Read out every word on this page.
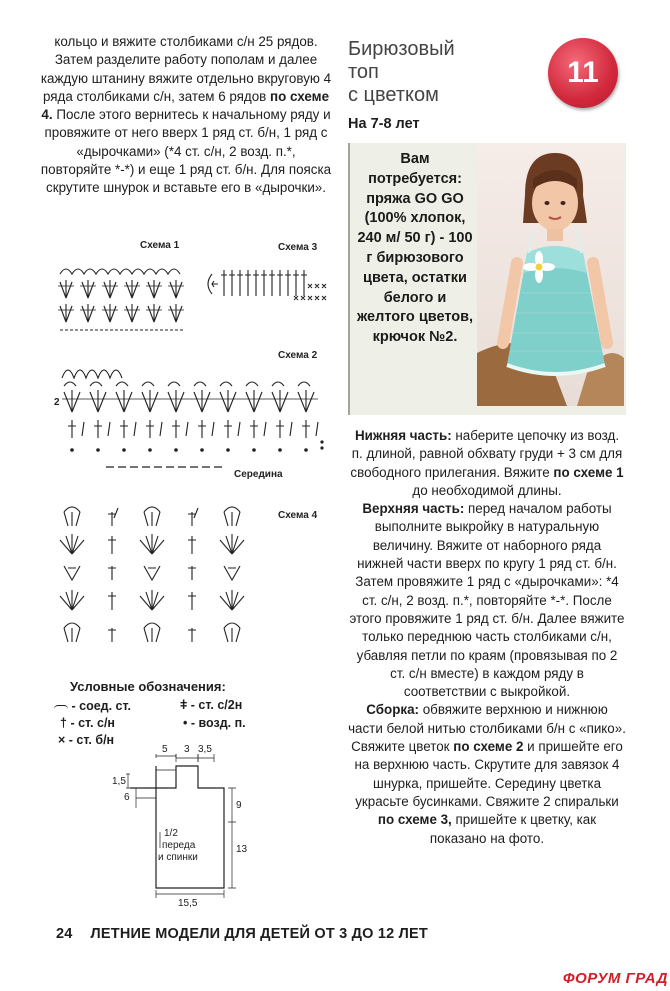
кольцо и вяжите столбиками с/н 25 рядов. Затем разделите работу пополам и далее каждую штанину вяжите отдельно вкруговую 4 ряда столбиками с/н, затем 6 рядов по схеме 4. После этого вернитесь к начальному ряду и провяжите от него вверх 1 ряд ст. б/н, 1 ряд с «дырочками» (*4 ст. с/н, 2 возд. п.*, повторяйте *-*) и еще 1 ряд ст. б/н. Для пояска скрутите шнурок и вставьте его в «дырочки».
Схема 1	Схема 3
Схема 2
2
Середина
Схема 4
Условные обозначения:
- соед. ст.	ǂ - ст. с/2н
† - ст. с/н	• - возд. п.
× - ст. б/н
5 3 3,5
1,5
6
9
13
15,5
1/2
переда
и спинки
Бирюзовый
топ
с цветком
11
На 7-8 лет
Вам потребуется: пряжа GO GO (100% хлопок, 240 м/ 50 г) - 100 г бирюзового цвета, остатки белого и желтого цветов, крючок №2.

Нижняя часть: наберите цепочку из возд. п. длиной, равной обхвату груди + 3 см для свободного прилегания. Вяжите по схеме 1 до необходимой длины.

Верхняя часть: перед началом работы выполните выкройку в натуральную величину. Вяжите от наборного ряда нижней части вверх по кругу 1 ряд ст. б/н. Затем провяжите 1 ряд с «дырочками»: *4 ст. с/н, 2 возд. п.*, повторяйте *-*. После этого провяжите 1 ряд ст. б/н. Далее вяжите только переднюю часть столбиками с/н, убавляя петли по краям (провязывая по 2 ст. с/н вместе) в каждом ряду в соответствии с выкройкой.

Сборка: обвяжите верхнюю и нижнюю части белой нитью столбиками б/н с «пико». Свяжите цветок по схеме 2 и пришейте его на верхнюю часть. Скрутите для завязок 4 шнурка, пришейте. Середину цветка украсьте бусинками. Свяжите 2 спиральки по схеме 3, пришейте к цветку, как показано на фото.

24 ЛЕТНИЕ МОДЕЛИ ДЛЯ ДЕТЕЙ ОТ 3 ДО 12 ЛЕТ
ФОРУМ ГРАД
